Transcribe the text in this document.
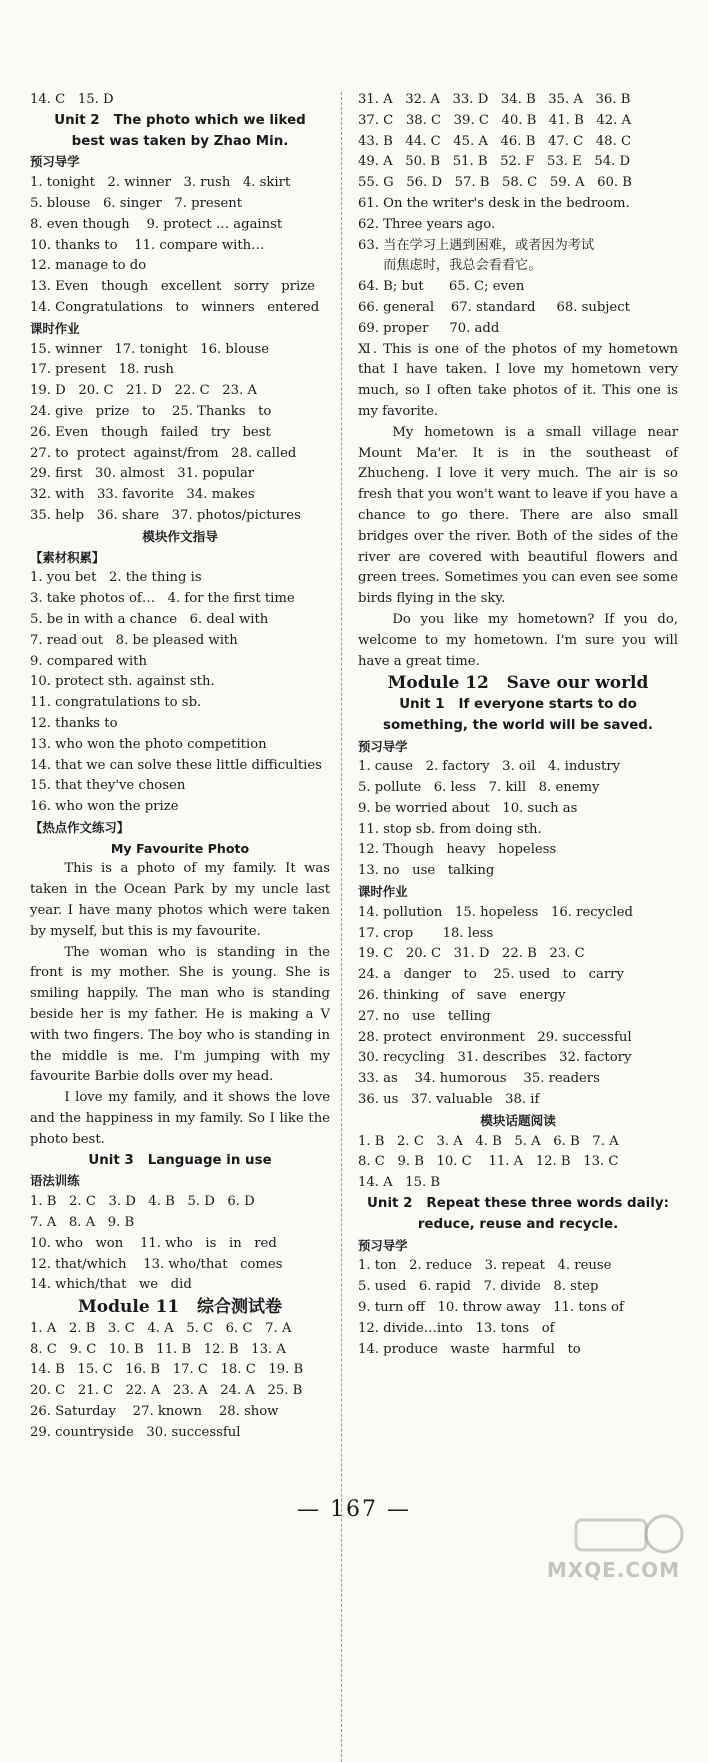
14. C   15. D
Unit 2   The photo which we liked
best was taken by Zhao Min.
预习导学
1. tonight   2. winner   3. rush   4. skirt
5. blouse   6. singer   7. present
8. even though    9. protect … against
10. thanks to    11. compare with…
12. manage to do
13. Even   though   excellent   sorry   prize
14. Congratulations   to   winners   entered
课时作业
15. winner   17. tonight   16. blouse
17. present   18. rush
19. D   20. C   21. D   22. C   23. A
24. give   prize   to    25. Thanks   to
26. Even   though   failed   try   best
27. to  protect  against/from   28. called
29. first   30. almost   31. popular
32. with   33. favorite   34. makes
35. help   36. share   37. photos/pictures
模块作文指导
【素材积累】
1. you bet   2. the thing is
3. take photos of…   4. for the first time
5. be in with a chance   6. deal with
7. read out   8. be pleased with
9. compared with
10. protect sth. against sth.
11. congratulations to sb.
12. thanks to
13. who won the photo competition
14. that we can solve these little difficulties
15. that they've chosen
16. who won the prize
【热点作文练习】
My Favourite Photo
This is a photo of my family. It was taken in the Ocean Park by my uncle last year. I have many photos which were taken by myself, but this is my favourite.
The woman who is standing in the front is my mother. She is young. She is smiling happily. The man who is standing beside her is my father. He is making a V with two fingers. The boy who is standing in the middle is me. I'm jumping with my favourite Barbie dolls over my head.
I love my family, and it shows the love and the happiness in my family. So I like the photo best.
Unit 3   Language in use
语法训练
1. B   2. C   3. D   4. B   5. D   6. D
7. A   8. A   9. B
10. who   won    11. who   is   in   red
12. that/which    13. who/that   comes
14. which/that   we   did
Module 11   综合测试卷
1. A   2. B   3. C   4. A   5. C   6. C   7. A
8. C   9. C   10. B   11. B   12. B   13. A
14. B   15. C   16. B   17. C   18. C   19. B
20. C   21. C   22. A   23. A   24. A   25. B
26. Saturday    27. known    28. show
29. countryside   30. successful
31. A   32. A   33. D   34. B   35. A   36. B
37. C   38. C   39. C   40. B   41. B   42. A
43. B   44. C   45. A   46. B   47. C   48. C
49. A   50. B   51. B   52. F   53. E   54. D
55. G   56. D   57. B   58. C   59. A   60. B
61. On the writer's desk in the bedroom.
62. Three years ago.
63. 当在学习上遇到困难，或者因为考试
而焦虑时，我总会看看它。
64. B; but      65. C; even
66. general    67. standard     68. subject
69. proper     70. add
Ⅺ. This is one of the photos of my hometown that I have taken. I love my hometown very much, so I often take photos of it. This one is my favorite.
My hometown is a small village near Mount Ma'er. It is in the southeast of Zhucheng. I love it very much. The air is so fresh that you won't want to leave if you have a chance to go there. There are also small bridges over the river. Both of the sides of the river are covered with beautiful flowers and green trees. Sometimes you can even see some birds flying in the sky.
Do you like my hometown? If you do, welcome to my hometown. I'm sure you will have a great time.
Module 12   Save our world
Unit 1   If everyone starts to do
something, the world will be saved.
预习导学
1. cause   2. factory   3. oil   4. industry
5. pollute   6. less   7. kill   8. enemy
9. be worried about   10. such as
11. stop sb. from doing sth.
12. Though   heavy   hopeless
13. no   use   talking
课时作业
14. pollution   15. hopeless   16. recycled
17. crop       18. less
19. C   20. C   31. D   22. B   23. C
24. a   danger   to    25. used   to   carry
26. thinking   of   save   energy
27. no   use   telling
28. protect  environment   29. successful
30. recycling   31. describes   32. factory
33. as    34. humorous    35. readers
36. us   37. valuable   38. if
模块话题阅读
1. B   2. C   3. A   4. B   5. A   6. B   7. A
8. C   9. B   10. C    11. A   12. B   13. C
14. A   15. B
Unit 2   Repeat these three words daily:
reduce, reuse and recycle.
预习导学
1. ton   2. reduce   3. repeat   4. reuse
5. used   6. rapid   7. divide   8. step
9. turn off   10. throw away   11. tons of
12. divide…into   13. tons   of
14. produce   waste   harmful   to
— 167 —
MXQE.COM
